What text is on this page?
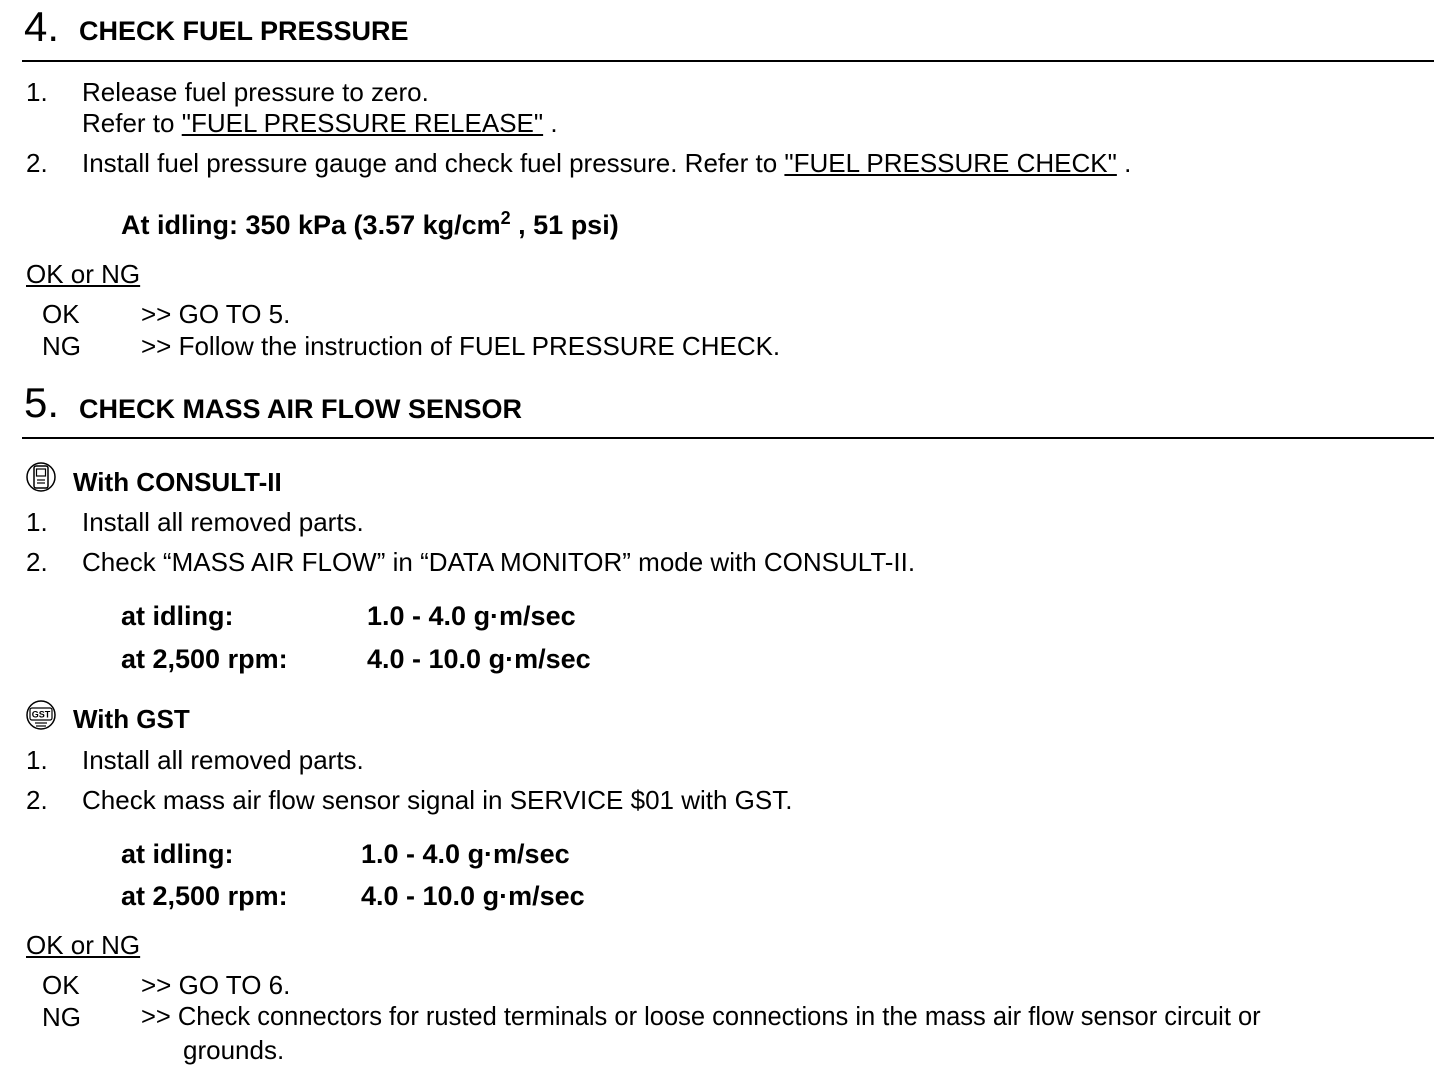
4. CHECK FUEL PRESSURE
1. Release fuel pressure to zero.
Refer to "FUEL PRESSURE RELEASE" .
2. Install fuel pressure gauge and check fuel pressure. Refer to "FUEL PRESSURE CHECK" .
At idling: 350 kPa (3.57 $kg/cm^2$ , 51 psi)
OK or NG
OK >> GO TO 5.
NG >> Follow the instruction of FUEL PRESSURE CHECK.
5. CHECK MASS AIR FLOW SENSOR
With CONSULT-II
1. Install all removed parts.
2. Check “MASS AIR FLOW” in “DATA MONITOR” mode with CONSULT-II.
at idling:	1.0 - 4.0 g·m/sec
at 2,500 rpm:	4.0 - 10.0 g·m/sec
GST With GST
1. Install all removed parts.
2. Check mass air flow sensor signal in SERVICE $01 with GST.
at idling:	1.0 - 4.0 g·m/sec
at 2,500 rpm:	4.0 - 10.0 g·m/sec
OK or NG
OK >> GO TO 6.
NG >> Check connectors for rusted terminals or loose connections in the mass air flow sensor circuit or
grounds.
